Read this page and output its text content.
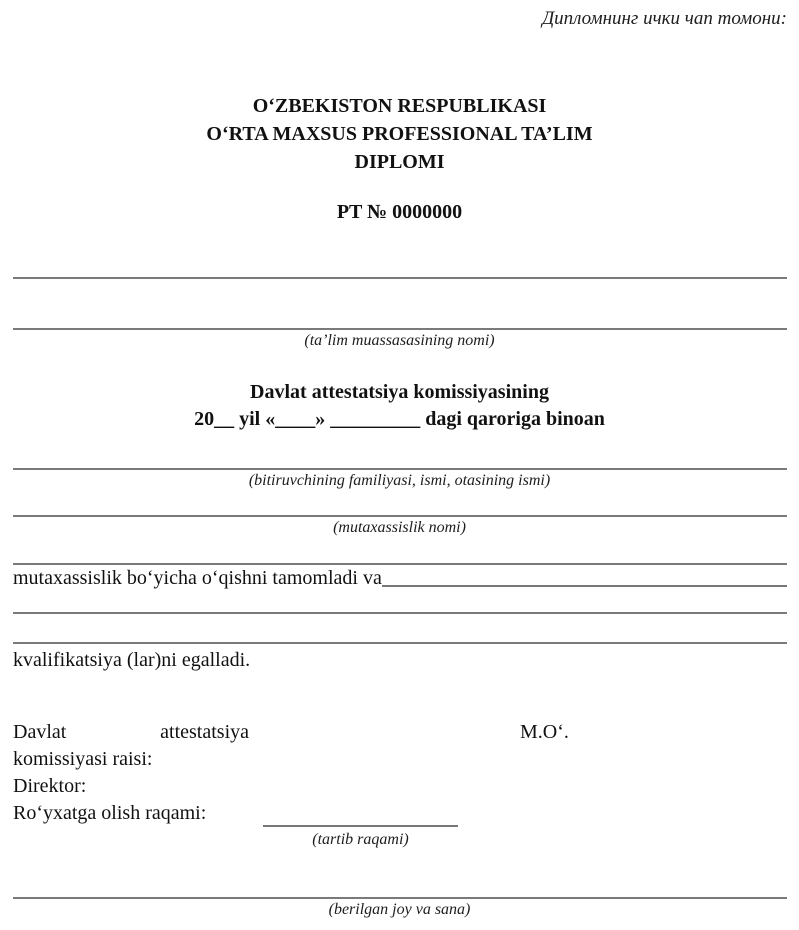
Дипломнинг ички чап томони:
O‘ZBEKISTON RESPUBLIKASI
O‘RTA MAXSUS PROFESSIONAL TA’LIM
DIPLOMI
PT № 0000000
(ta’lim muassasasining nomi)
Davlat attestatsiya komissiyasining
20__ yil «____» _________ dagi qaroriga binoan
(bitiruvchining familiyasi, ismi, otasining ismi)
(mutaxassislik nomi)
mutaxassislik bo‘yicha o‘qishni tamomladi va
kvalifikatsiya (lar)ni egalladi.
Davlat	attestatsiya
komissiyasi raisi:
Direktor:
Ro‘yxatga olish raqami:
M.O‘.
(tartib raqami)
(berilgan joy va sana)
